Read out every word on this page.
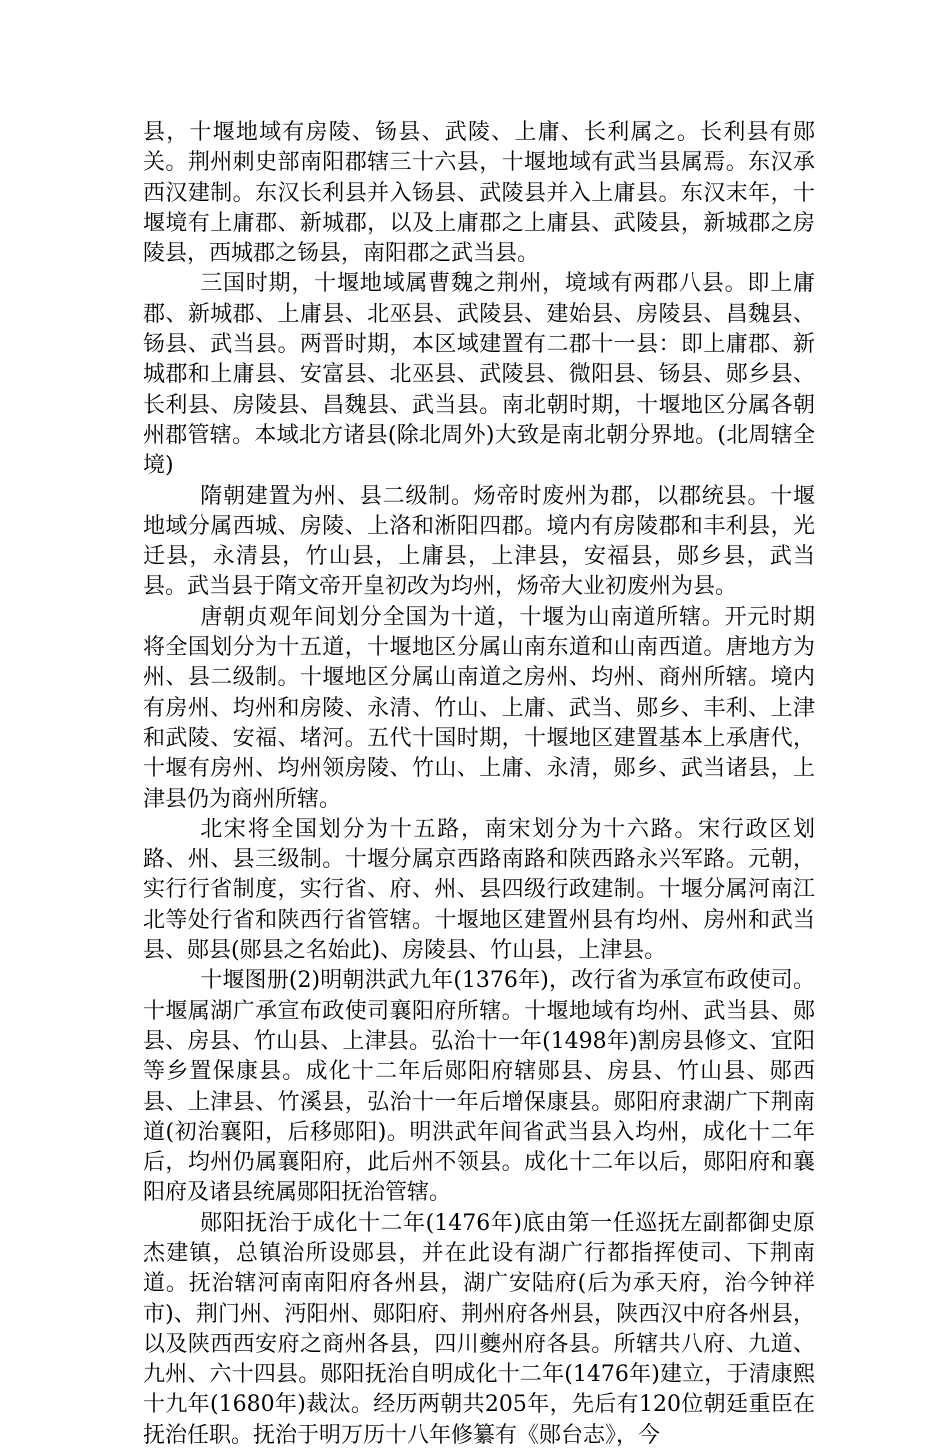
县，十堰地域有房陵、钖县、武陵、上庸、长利属之。长利县有郧关。荆州刺史部南阳郡辖三十六县，十堰地域有武当县属焉。东汉承西汉建制。东汉长利县并入钖县、武陵县并入上庸县。东汉末年，十堰境有上庸郡、新城郡，以及上庸郡之上庸县、武陵县，新城郡之房陵县，西城郡之钖县，南阳郡之武当县。

三国时期，十堰地域属曹魏之荆州，境域有两郡八县。即上庸郡、新城郡、上庸县、北巫县、武陵县、建始县、房陵县、昌魏县、钖县、武当县。两晋时期，本区域建置有二郡十一县：即上庸郡、新城郡和上庸县、安富县、北巫县、武陵县、微阳县、钖县、郧乡县、长利县、房陵县、昌魏县、武当县。南北朝时期，十堰地区分属各朝州郡管辖。本域北方诸县(除北周外)大致是南北朝分界地。(北周辖全境)

隋朝建置为州、县二级制。炀帝时废州为郡，以郡统县。十堰地域分属西城、房陵、上洛和淅阳四郡。境内有房陵郡和丰利县，光迁县，永清县，竹山县，上庸县，上津县，安福县，郧乡县，武当县。武当县于隋文帝开皇初改为均州，炀帝大业初废州为县。

唐朝贞观年间划分全国为十道，十堰为山南道所辖。开元时期将全国划分为十五道，十堰地区分属山南东道和山南西道。唐地方为州、县二级制。十堰地区分属山南道之房州、均州、商州所辖。境内有房州、均州和房陵、永清、竹山、上庸、武当、郧乡、丰利、上津和武陵、安福、堵河。五代十国时期，十堰地区建置基本上承唐代，十堰有房州、均州领房陵、竹山、上庸、永清，郧乡、武当诸县，上津县仍为商州所辖。

北宋将全国划分为十五路，南宋划分为十六路。宋行政区划路、州、县三级制。十堰分属京西路南路和陕西路永兴军路。元朝，实行行省制度，实行省、府、州、县四级行政建制。十堰分属河南江北等处行省和陕西行省管辖。十堰地区建置州县有均州、房州和武当县、郧县(郧县之名始此)、房陵县、竹山县，上津县。

十堰图册(2)明朝洪武九年(1376年)，改行省为承宣布政使司。十堰属湖广承宣布政使司襄阳府所辖。十堰地域有均州、武当县、郧县、房县、竹山县、上津县。弘治十一年(1498年)割房县修文、宜阳等乡置保康县。成化十二年后郧阳府辖郧县、房县、竹山县、郧西县、上津县、竹溪县，弘治十一年后增保康县。郧阳府隶湖广下荆南道(初治襄阳，后移郧阳)。明洪武年间省武当县入均州，成化十二年后，均州仍属襄阳府，此后州不领县。成化十二年以后，郧阳府和襄阳府及诸县统属郧阳抚治管辖。

郧阳抚治于成化十二年(1476年)底由第一任巡抚左副都御史原杰建镇，总镇治所设郧县，并在此设有湖广行都指挥使司、下荆南道。抚治辖河南南阳府各州县，湖广安陆府(后为承天府，治今钟祥市)、荆门州、沔阳州、郧阳府、荆州府各州县，陕西汉中府各州县，以及陕西西安府之商州各县，四川夔州府各县。所辖共八府、九道、九州、六十四县。郧阳抚治自明成化十二年(1476年)建立，于清康熙十九年(1680年)裁汰。经历两朝共205年，先后有120位朝廷重臣在抚治任职。抚治于明万历十八年修纂有《郧台志》，今
